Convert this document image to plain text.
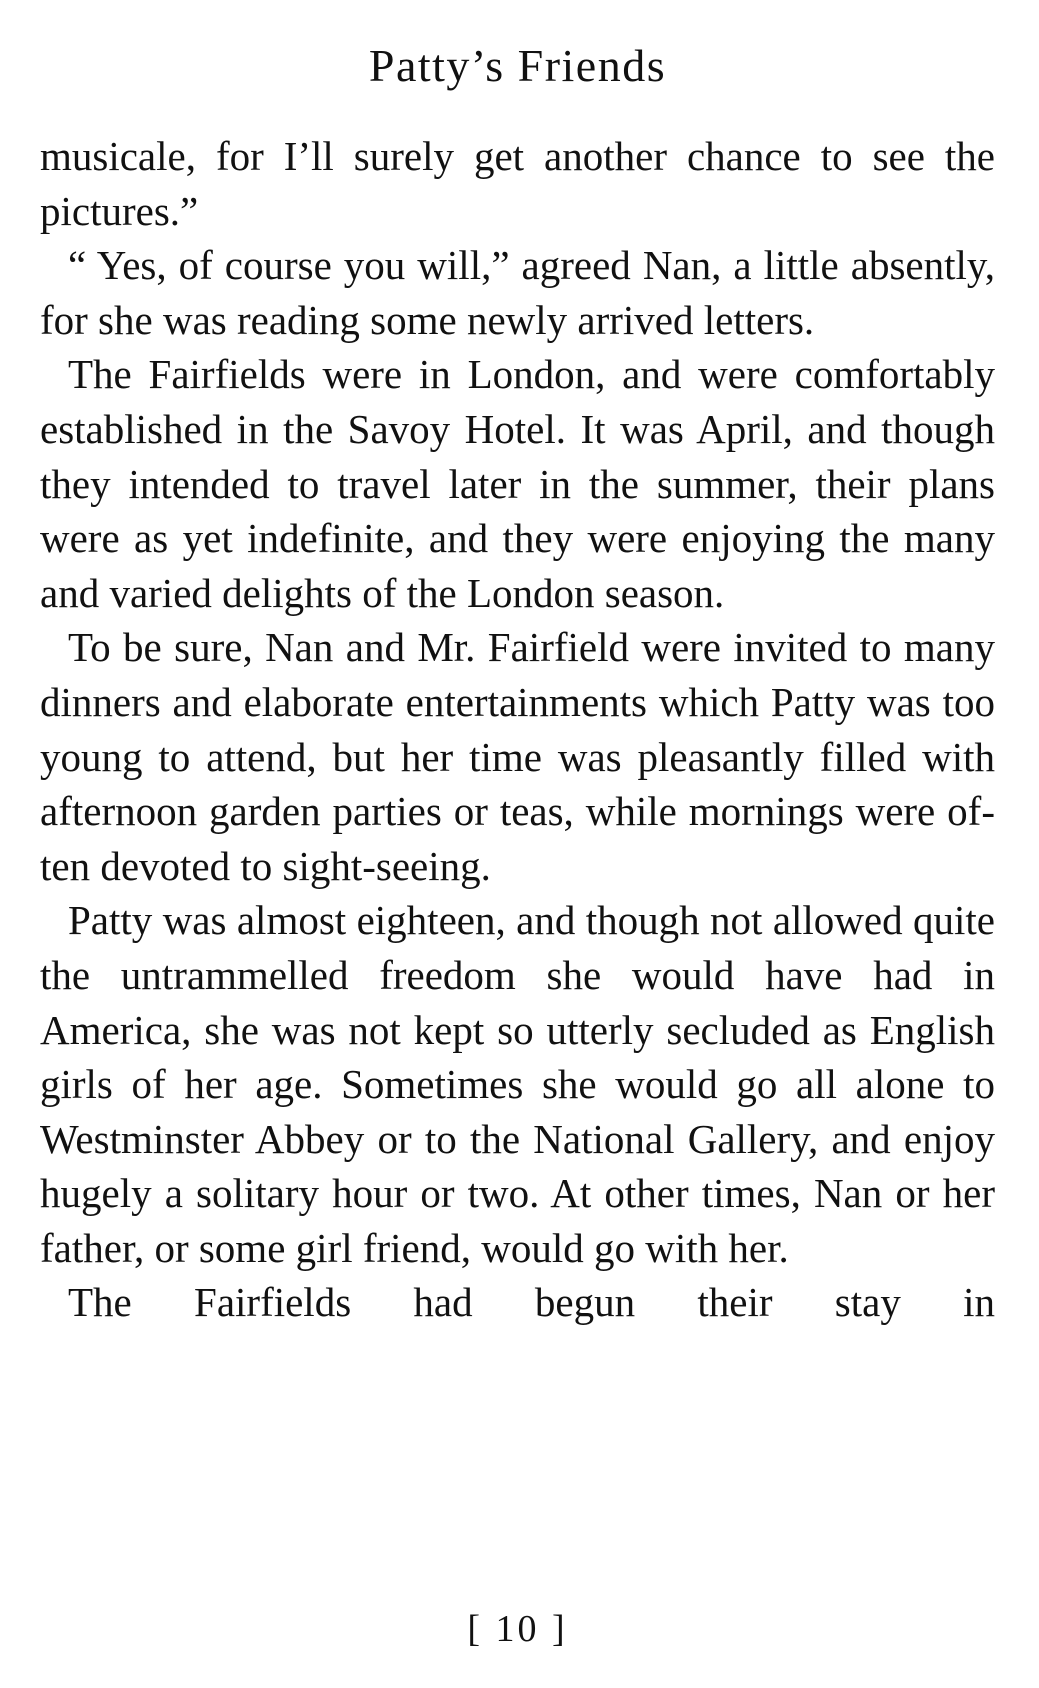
Patty’s Friends

musicale, for I’ll surely get another chance to see the pictures.”

“ Yes, of course you will,” agreed Nan, a little absently, for she was reading some newly arrived letters.

The Fairfields were in London, and were comfortably established in the Savoy Hotel. It was April, and though they intended to travel later in the summer, their plans were as yet indefinite, and they were enjoying the many and varied delights of the London season.

To be sure, Nan and Mr. Fairfield were invited to many dinners and elaborate entertainments which Patty was too young to attend, but her time was pleasantly filled with afternoon garden parties or teas, while mornings were often devoted to sight-seeing.

Patty was almost eighteen, and though not allowed quite the untrammelled freedom she would have had in America, she was not kept so utterly secluded as English girls of her age. Sometimes she would go all alone to Westminster Abbey or to the National Gallery, and enjoy hugely a solitary hour or two. At other times, Nan or her father, or some girl friend, would go with her.

The Fairfields had begun their stay in

[ 10 ]
